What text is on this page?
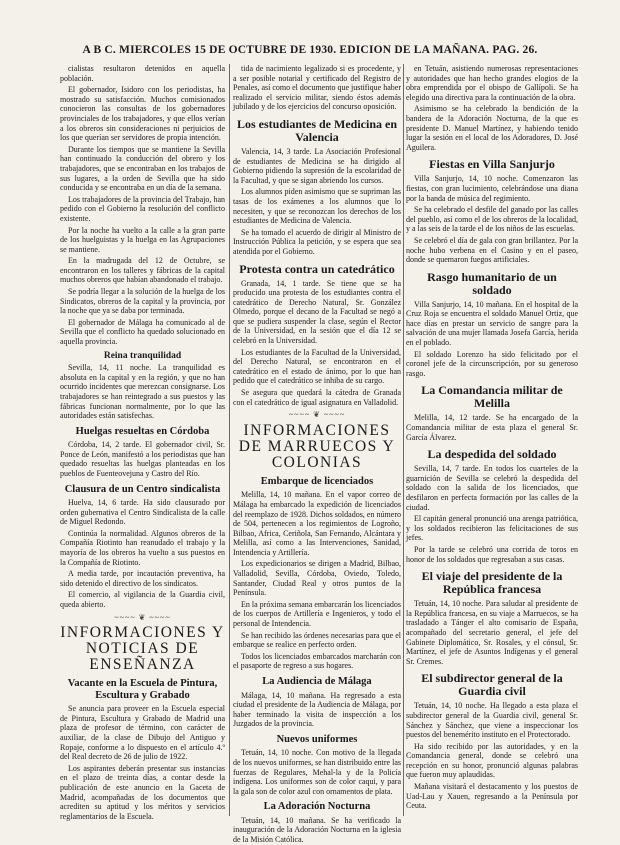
A B C. MIERCOLES 15 DE OCTUBRE DE 1930. EDICION DE LA MAÑANA. PAG. 26.

cialistas resultaron detenidos en aquella población.

El gobernador, Isidoro con los periodistas, ha mostrado su satisfacción. Muchos comisionados conocieron las consultas de los gobernadores provinciales de los trabajadores, y que ellos verían a los obreros sin consideraciones ni perjuicios de los que querían ser servidores de propia intención.

Durante los tiempos que se mantiene la Sevilla han continuado la conducción del obrero y los trabajadores, que se encontraban en los trabajos de sus lugares, a la orden de Sevilla que ha sido conducida y se encontraba en un día de la semana.

Los trabajadores de la provincia del Trabajo, han pedido con el Gobierno la resolución del conflicto existente.

Por la noche ha vuelto a la calle a la gran parte de los huelguistas y la huelga en las Agrupaciones se mantiene.

En la madrugada del 12 de Octubre, se encontraron en los talleres y fábricas de la capital muchos obreros que habían abandonado el trabajo.

Se podría llegar a la solución de la huelga de los Sindicatos, obreros de la capital y la provincia, por la noche que ya se daba por terminada.

El gobernador de Málaga ha comunicado al de Sevilla que el conflicto ha quedado solucionado en aquella provincia.

Reina tranquilidad

Sevilla, 14, 11 noche. La tranquilidad es absoluta en la capital y en la región, y que no han ocurrido incidentes que merezcan consignarse. Los trabajadores se han reintegrado a sus puestos y las fábricas funcionan normalmente, por lo que las autoridades están satisfechas.

Huelgas resueltas en Córdoba

Córdoba, 14, 2 tarde. El gobernador civil, Sr. Ponce de León, manifestó a los periodistas que han quedado resueltas las huelgas planteadas en los pueblos de Fuenteovejuna y Castro del Río.

Clausura de un Centro sindicalista

Huelva, 14, 6 tarde. Ha sido clausurado por orden gubernativa el Centro Sindicalista de la calle de Miguel Redondo.

Continúa la normalidad. Algunos obreros de la Compañía Riotinto han reanudado el trabajo y la mayoría de los obreros ha vuelto a sus puestos en la Compañía de Riotinto.

A media tarde, por incautación preventiva, ha sido detenido el directivo de los sindicatos.

El comercio, al vigilancia de la Guardia civil, queda abierto.

~~~~ ❦ ~~~~
INFORMACIONES Y NOTICIAS DE ENSEÑANZA
Vacante en la Escuela de Pintura, Escultura y Grabado

Se anuncia para proveer en la Escuela especial de Pintura, Escultura y Grabado de Madrid una plaza de profesor de término, con carácter de auxiliar, de la clase de Dibujo del Antiguo y Ropaje, conforme a lo dispuesto en el artículo 4.º del Real decreto de 26 de julio de 1922.

Los aspirantes deberán presentar sus instancias en el plazo de treinta días, a contar desde la publicación de este anuncio en la Gaceta de Madrid, acompañadas de los documentos que acrediten su aptitud y los méritos y servicios reglamentarios de la Escuela.

tida de nacimiento legalizado si es procedente, y a ser posible notarial y certificado del Registro de Penales, así como el documento que justifique haber realizado el servicio militar, siendo éstos además jubilado y de los ejercicios del concurso oposición.

Los estudiantes de Medicina en Valencia

Valencia, 14, 3 tarde. La Asociación Profesional de estudiantes de Medicina se ha dirigido al Gobierno pidiendo la supresión de la escolaridad de la Facultad, y que se sigan abriendo los cursos.

Los alumnos piden asimismo que se supriman las tasas de los exámenes a los alumnos que lo necesiten, y que se reconozcan los derechos de los estudiantes de Medicina de Valencia.

Se ha tomado el acuerdo de dirigir al Ministro de Instrucción Pública la petición, y se espera que sea atendida por el Gobierno.

Protesta contra un catedrático

Granada, 14, 1 tarde. Se tiene que se ha producido una protesta de los estudiantes contra el catedrático de Derecho Natural, Sr. González Olmedo, porque el decano de la Facultad se negó a que se pudiera suspender la clase, según el Rector de la Universidad, en la sesión que el día 12 se celebró en la Universidad.

Los estudiantes de la Facultad de la Universidad, del Derecho Natural, se encontraron en el catedrático en el estado de ánimo, por lo que han pedido que el catedrático se inhiba de su cargo.

Se asegura que quedará la cátedra de Granada con el catedrático de igual asignatura en Valladolid.

~~~~ ❦ ~~~~
INFORMACIONES DE MARRUECOS Y COLONIAS
Embarque de licenciados

Melilla, 14, 10 mañana. En el vapor correo de Málaga ha embarcado la expedición de licenciados del reemplazo de 1928. Dichos soldados, en número de 504, pertenecen a los regimientos de Logroño, Bilbao, Africa, Ceriñola, San Fernando, Alcántara y Melilla, así como a las Intervenciones, Sanidad, Intendencia y Artillería.

Los expedicionarios se dirigen a Madrid, Bilbao, Valladolid, Sevilla, Córdoba, Oviedo, Toledo, Santander, Ciudad Real y otros puntos de la Península.

En la próxima semana embarcarán los licenciados de los cuerpos de Artillería e Ingenieros, y todo el personal de Intendencia.

Se han recibido las órdenes necesarias para que el embarque se realice en perfecto orden.

Todos los licenciados embarcados marcharán con el pasaporte de regreso a sus hogares.

La Audiencia de Málaga

Málaga, 14, 10 mañana. Ha regresado a esta ciudad el presidente de la Audiencia de Málaga, por haber terminado la visita de inspección a los Juzgados de la provincia.

Nuevos uniformes

Tetuán, 14, 10 noche. Con motivo de la llegada de los nuevos uniformes, se han distribuido entre las fuerzas de Regulares, Mehal-la y de la Policía indígena. Los uniformes son de color caqui, y para la gala son de color azul con ornamentos de plata.

La Adoración Nocturna

Tetuán, 14, 10 mañana. Se ha verificado la inauguración de la Adoración Nocturna en la iglesia de la Misión Católica.

en Tetuán, asistiendo numerosas representaciones y autoridades que han hecho grandes elogios de la obra emprendida por el obispo de Gallípoli. Se ha elegido una directiva para la continuación de la obra.

Asimismo se ha celebrado la bendición de la bandera de la Adoración Nocturna, de la que es presidente D. Manuel Martínez, y habiendo tenido lugar la sesión en el local de los Adoradores, D. José Aguilera.

Fiestas en Villa Sanjurjo

Villa Sanjurjo, 14, 10 noche. Comenzaron las fiestas, con gran lucimiento, celebrándose una diana por la banda de música del regimiento.

Se ha celebrado el desfile del ganado por las calles del pueblo, así como el de los obreros de la localidad, y a las seis de la tarde el de los niños de las escuelas.

Se celebró el día de gala con gran brillantez. Por la noche hubo verbena en el Casino y en el paseo, donde se quemaron fuegos artificiales.

Rasgo humanitario de un soldado

Villa Sanjurjo, 14, 10 mañana. En el hospital de la Cruz Roja se encuentra el soldado Manuel Ortiz, que hace días en prestar un servicio de sangre para la salvación de una mujer llamada Josefa García, herida en el poblado.

El soldado Lorenzo ha sido felicitado por el coronel jefe de la circunscripción, por su generoso rasgo.

La Comandancia militar de Melilla

Melilla, 14, 12 tarde. Se ha encargado de la Comandancia militar de esta plaza el general Sr. García Álvarez.

La despedida del soldado

Sevilla, 14, 7 tarde. En todos los cuarteles de la guarnición de Sevilla se celebró la despedida del soldado con la salida de los licenciados, que desfilaron en perfecta formación por las calles de la ciudad.

El capitán general pronunció una arenga patriótica, y los soldados recibieron las felicitaciones de sus jefes.

Por la tarde se celebró una corrida de toros en honor de los soldados que regresaban a sus casas.

El viaje del presidente de la República francesa

Tetuán, 14, 10 noche. Para saludar al presidente de la República francesa, en su viaje a Marruecos, se ha trasladado a Tánger el alto comisario de España, acompañado del secretario general, el jefe del Gabinete Diplomático, Sr. Rosales, y el cónsul, Sr. Martínez, el jefe de Asuntos Indígenas y el general Sr. Cremes.

El subdirector general de la Guardia civil

Tetuán, 14, 10 noche. Ha llegado a esta plaza el subdirector general de la Guardia civil, general Sr. Sánchez y Sánchez, que viene a inspeccionar los puestos del benemérito instituto en el Protectorado.

Ha sido recibido por las autoridades, y en la Comandancia general, donde se celebró una recepción en su honor, pronunció algunas palabras que fueron muy aplaudidas.

Mañana visitará el destacamento y los puestos de Uad-Lau y Xauen, regresando a la Península por Ceuta.
